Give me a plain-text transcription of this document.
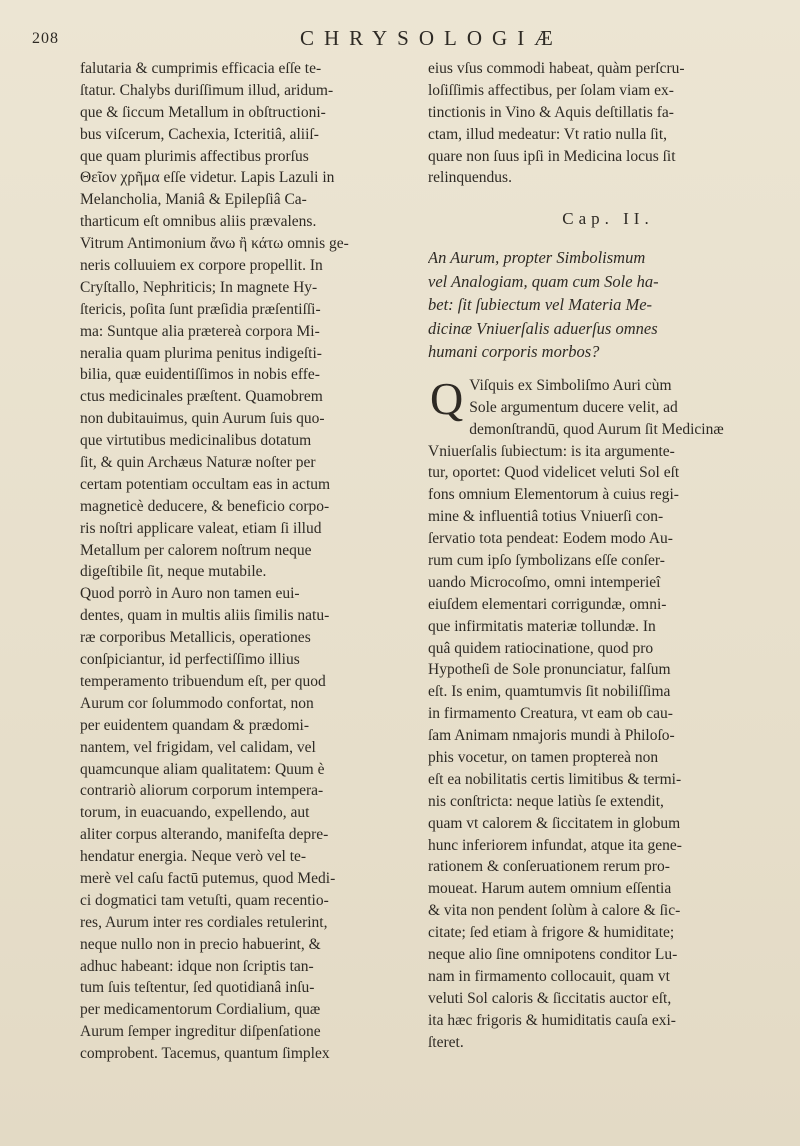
208	CHRYSOLOGIÆ
falutaria & cumprimis efficacia eſſe te-
ſtatur. Chalybs duriſſimum illud, aridum-
que & ſiccum Metallum in obſtructioni-
bus viſcerum, Cachexia, Icteritiâ, aliiſ-
que quam plurimis affectibus prorſus
Θεῖον χρῆμα eſſe videtur. Lapis Lazuli in
Melancholia, Maniâ & Epilepſiâ Ca-
tharticum eſt omnibus aliis prævalens.
Vitrum Antimonium ἄνω ἢ κάτω omnis ge-
neris colluuiem ex corpore propellit. In
Cryſtallo, Nephriticis; In magnete Hy-
ſtericis, poſita ſunt præſidia præſentiſſi-
ma: Suntque alia prætereà corpora Mi-
neralia quam plurima penitus indigeſti-
bilia, quæ euidentiſſimos in nobis effe-
ctus medicinales præſtent. Quamobrem
non dubitauimus, quin Aurum ſuis quo-
que virtutibus medicinalibus dotatum
ſit, & quin Archæus Naturæ noſter per
certam potentiam occultam eas in actum
magneticè deducere, & beneficio corpo-
ris noſtri applicare valeat, etiam ſi illud
Metallum per calorem noſtrum neque
digeſtibile ſit, neque mutabile.
Quod porrò in Auro non tamen eui-
dentes, quam in multis aliis ſimilis natu-
ræ corporibus Metallicis, operationes
conſpiciantur, id perfectiſſimo illius
temperamento tribuendum eſt, per quod
Aurum cor ſolummodo confortat, non
per euidentem quandam & prædomi-
nantem, vel frigidam, vel calidam, vel
quamcunque aliam qualitatem: Quum è
contrariò aliorum corporum intempera-
torum, in euacuando, expellendo, aut
aliter corpus alterando, manifeſta depre-
hendatur energia. Neque verò vel te-
merè vel caſu factū putemus, quod Medi-
ci dogmatici tam vetuſti, quam recentio-
res, Aurum inter res cordiales retulerint,
neque nullo non in precio habuerint, &
adhuc habeant: idque non ſcriptis tan-
tum ſuis teſtentur, ſed quotidianâ inſu-
per medicamentorum Cordialium, quæ
Aurum ſemper ingreditur diſpenſatione
comprobent. Tacemus, quantum ſimplex
eius vſus commodi habeat, quàm perſcru-
loſiſſimis affectibus, per ſolam viam ex-
tinctionis in Vino & Aquis deſtillatis fa-
ctam, illud medeatur: Vt ratio nulla ſit,
quare non ſuus ipſi in Medicina locus ſit
relinquendus.
Cap. II.
An Aurum, propter Simbolismum
vel Analogiam, quam cum Sole ha-
bet: ſit ſubiectum vel Materia Me-
dicinæ Vniuerſalis aduerſus omnes
humani corporis morbos?
Q Viſquis ex Simboliſmo Auri cùm
Sole argumentum ducere velit, ad
demonſtrandū, quod Aurum ſit Medicinæ
Vniuerſalis ſubiectum: is ita argumente-
tur, oportet: Quod videlicet veluti Sol eſt
fons omnium Elementorum à cuius regi-
mine & influentiâ totius Vniuerſi con-
ſervatio tota pendeat: Eodem modo Au-
rum cum ipſo ſymbolizans eſſe conſer-
uando Microcoſmo, omni intemperieî
eiuſdem elementari corrigundæ, omni-
que infirmitatis materiæ tollundæ. In
quâ quidem ratiocinatione, quod pro
Hypotheſi de Sole pronunciatur, falſum
eſt. Is enim, quamtumvis ſit nobiliſſima
in firmamento Creatura, vt eam ob cau-
ſam Animam nmajoris mundi à Philoſo-
phis vocetur, on tamen proptereà non
eſt ea nobilitatis certis limitibus & termi-
nis conſtricta: neque latiùs ſe extendit,
quam vt calorem & ſiccitatem in globum
hunc inferiorem infundat, atque ita gene-
rationem & conſeruationem rerum pro-
moueat. Harum autem omnium eſſentia
& vita non pendent ſolùm à calore & ſic-
citate; ſed etiam à frigore & humiditate;
neque alio ſine omnipotens conditor Lu-
nam in firmamento collocauit, quam vt
veluti Sol caloris & ſiccitatis auctor eſt,
ita hæc frigoris & humiditatis cauſa exi-
ſteret.
